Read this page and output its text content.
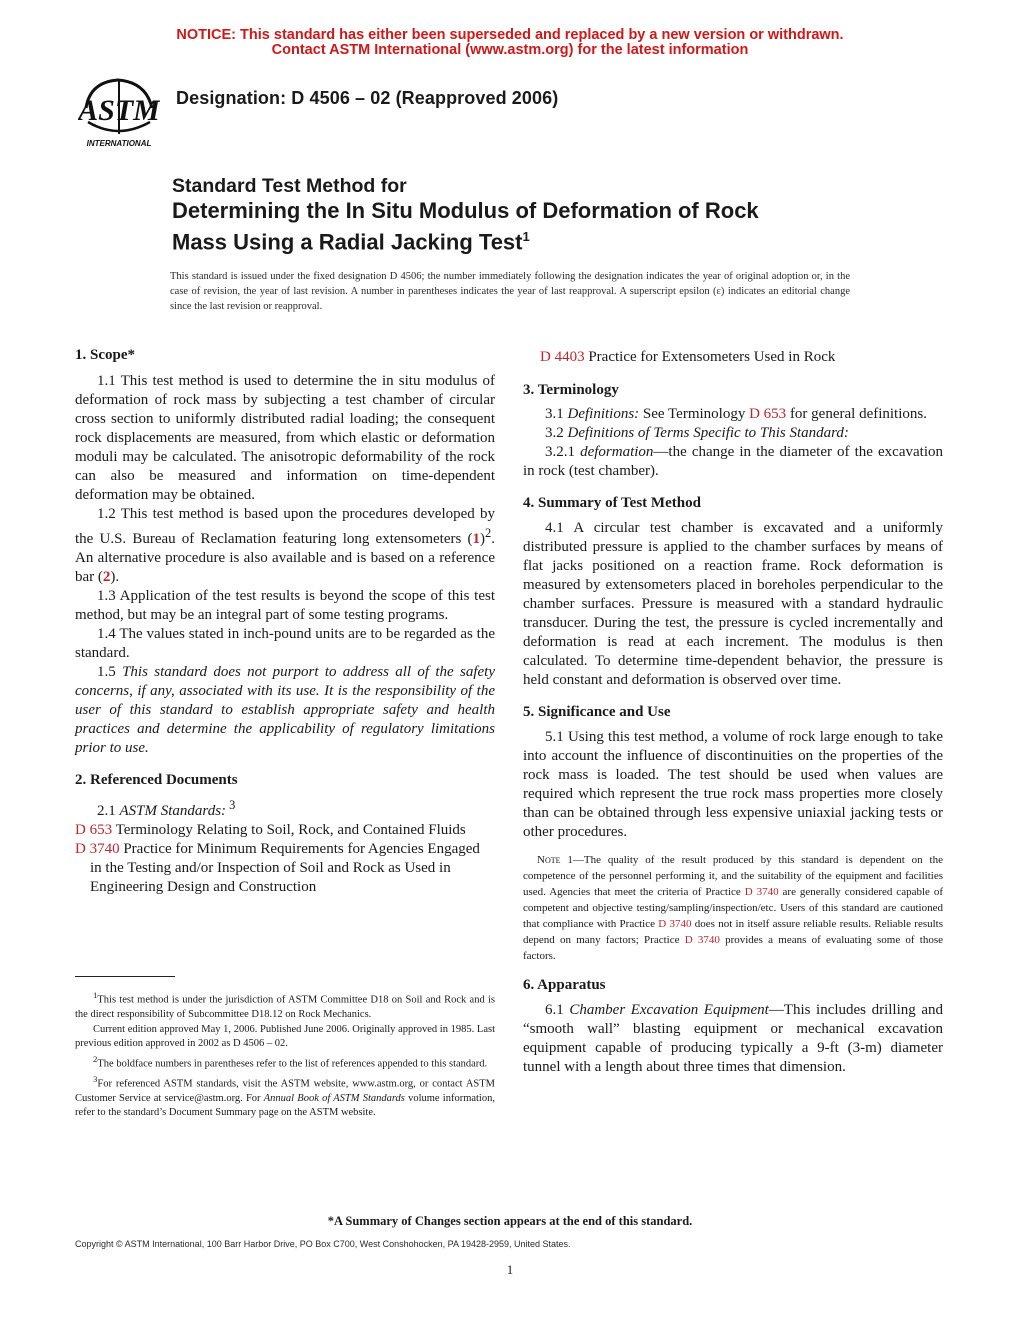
NOTICE: This standard has either been superseded and replaced by a new version or withdrawn.
Contact ASTM International (www.astm.org) for the latest information
ASTM
INTERNATIONAL
Designation: D 4506 – 02 (Reapproved 2006)
Standard Test Method for
Determining the In Situ Modulus of Deformation of Rock
Mass Using a Radial Jacking Test$^1$
This standard is issued under the fixed designation D 4506; the number immediately following the designation indicates the year of original adoption or, in the case of revision, the year of last revision. A number in parentheses indicates the year of last reapproval. A superscript epsilon (ε) indicates an editorial change since the last revision or reapproval.
1. Scope*

1.1 This test method is used to determine the in situ modulus of deformation of rock mass by subjecting a test chamber of circular cross section to uniformly distributed radial loading; the consequent rock displacements are measured, from which elastic or deformation moduli may be calculated. The anisotropic deformability of the rock can also be measured and information on time-dependent deformation may be obtained.

1.2 This test method is based upon the procedures developed by the U.S. Bureau of Reclamation featuring long extensometers $(1)^2$. An alternative procedure is also available and is based on a reference bar (2).

1.3 Application of the test results is beyond the scope of this test method, but may be an integral part of some testing programs.

1.4 The values stated in inch-pound units are to be regarded as the standard.

1.5 This standard does not purport to address all of the safety concerns, if any, associated with its use. It is the responsibility of the user of this standard to establish appropriate safety and health practices and determine the applicability of regulatory limitations prior to use.

2. Referenced Documents

2.1 ASTM Standards: $^3$

D 653 Terminology Relating to Soil, Rock, and Contained Fluids

D 3740 Practice for Minimum Requirements for Agencies Engaged in the Testing and/or Inspection of Soil and Rock as Used in Engineering Design and Construction

$^1$This test method is under the jurisdiction of ASTM Committee D18 on Soil and Rock and is the direct responsibility of Subcommittee D18.12 on Rock Mechanics.

Current edition approved May 1, 2006. Published June 2006. Originally approved in 1985. Last previous edition approved in 2002 as D 4506 – 02.

$^2$The boldface numbers in parentheses refer to the list of references appended to this standard.

$^3$For referenced ASTM standards, visit the ASTM website, www.astm.org, or contact ASTM Customer Service at service@astm.org. For Annual Book of ASTM Standards volume information, refer to the standard’s Document Summary page on the ASTM website.

D 4403 Practice for Extensometers Used in Rock

3. Terminology

3.1 Definitions: See Terminology D 653 for general definitions.

3.2 Definitions of Terms Specific to This Standard:

3.2.1 deformation—the change in the diameter of the excavation in rock (test chamber).

4. Summary of Test Method

4.1 A circular test chamber is excavated and a uniformly distributed pressure is applied to the chamber surfaces by means of flat jacks positioned on a reaction frame. Rock deformation is measured by extensometers placed in boreholes perpendicular to the chamber surfaces. Pressure is measured with a standard hydraulic transducer. During the test, the pressure is cycled incrementally and deformation is read at each increment. The modulus is then calculated. To determine time-dependent behavior, the pressure is held constant and deformation is observed over time.

5. Significance and Use

5.1 Using this test method, a volume of rock large enough to take into account the influence of discontinuities on the properties of the rock mass is loaded. The test should be used when values are required which represent the true rock mass properties more closely than can be obtained through less expensive uniaxial jacking tests or other procedures.

Note 1—The quality of the result produced by this standard is dependent on the competence of the personnel performing it, and the suitability of the equipment and facilities used. Agencies that meet the criteria of Practice D 3740 are generally considered capable of competent and objective testing/sampling/inspection/etc. Users of this standard are cautioned that compliance with Practice D 3740 does not in itself assure reliable results. Reliable results depend on many factors; Practice D 3740 provides a means of evaluating some of those factors.

6. Apparatus

6.1 Chamber Excavation Equipment—This includes drilling and “smooth wall” blasting equipment or mechanical excavation equipment capable of producing typically a 9-ft (3-m) diameter tunnel with a length about three times that dimension.

*A Summary of Changes section appears at the end of this standard.
Copyright © ASTM International, 100 Barr Harbor Drive, PO Box C700, West Conshohocken, PA 19428-2959, United States.
1
